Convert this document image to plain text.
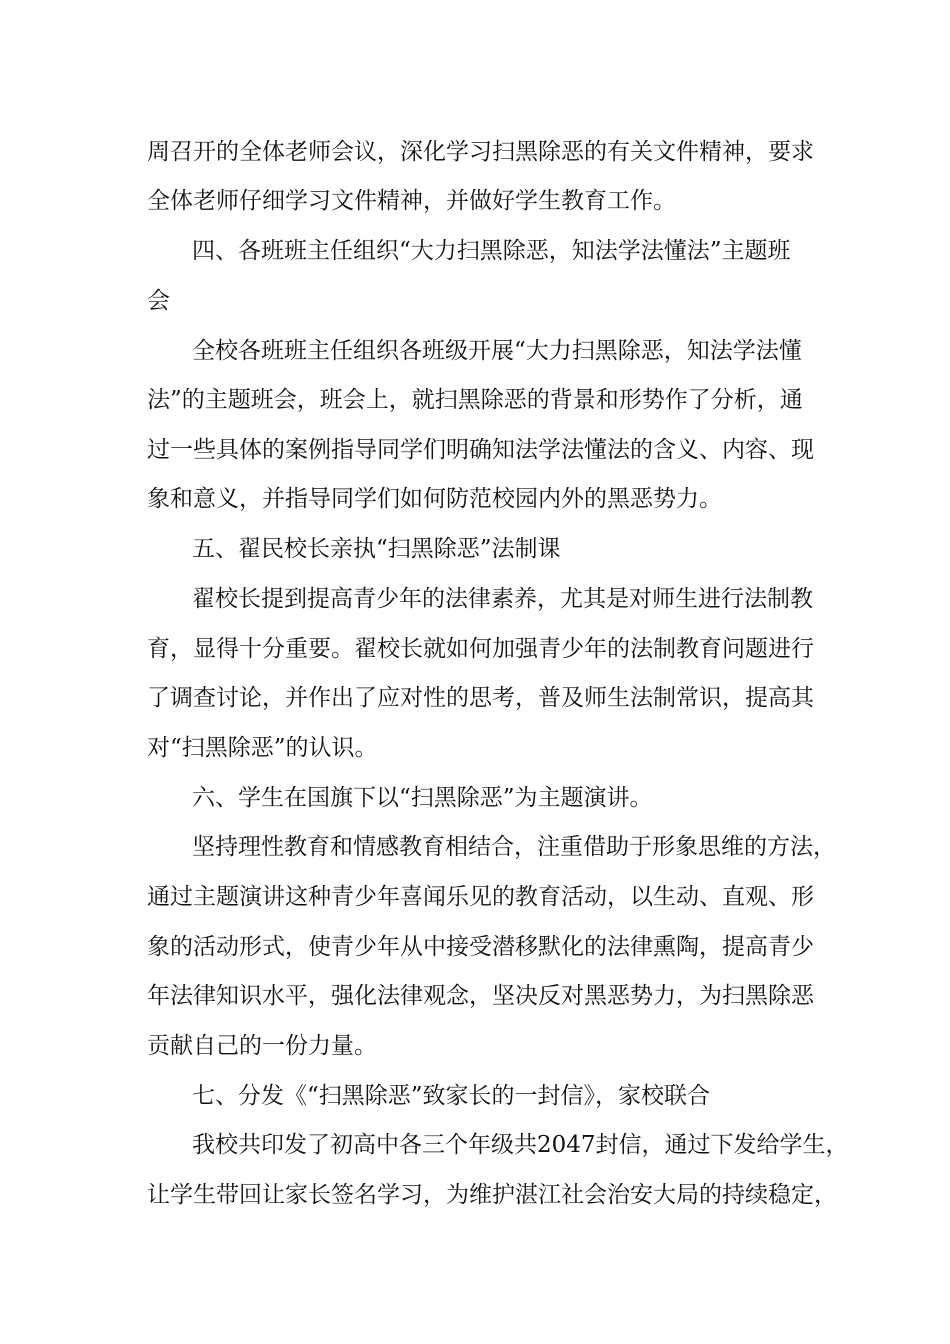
周召开的全体老师会议，深化学习扫黑除恶的有关文件精神，要求
全体老师仔细学习文件精神，并做好学生教育工作。
四、各班班主任组织“大力扫黑除恶，知法学法懂法”主题班
会
全校各班班主任组织各班级开展“大力扫黑除恶，知法学法懂
法”的主题班会，班会上，就扫黑除恶的背景和形势作了分析，通
过一些具体的案例指导同学们明确知法学法懂法的含义、内容、现
象和意义，并指导同学们如何防范校园内外的黑恶势力。
五、翟民校长亲执“扫黑除恶”法制课
翟校长提到提高青少年的法律素养，尤其是对师生进行法制教
育，显得十分重要。翟校长就如何加强青少年的法制教育问题进行
了调查讨论，并作出了应对性的思考，普及师生法制常识，提高其
对“扫黑除恶”的认识。
六、学生在国旗下以“扫黑除恶”为主题演讲。
坚持理性教育和情感教育相结合，注重借助于形象思维的方法，
通过主题演讲这种青少年喜闻乐见的教育活动，以生动、直观、形
象的活动形式，使青少年从中接受潜移默化的法律熏陶，提高青少
年法律知识水平，强化法律观念，坚决反对黑恶势力，为扫黑除恶
贡献自己的一份力量。
七、分发《“扫黑除恶”致家长的一封信》，家校联合
我校共印发了初高中各三个年级共2047封信，通过下发给学生，
让学生带回让家长签名学习，为维护湛江社会治安大局的持续稳定，
